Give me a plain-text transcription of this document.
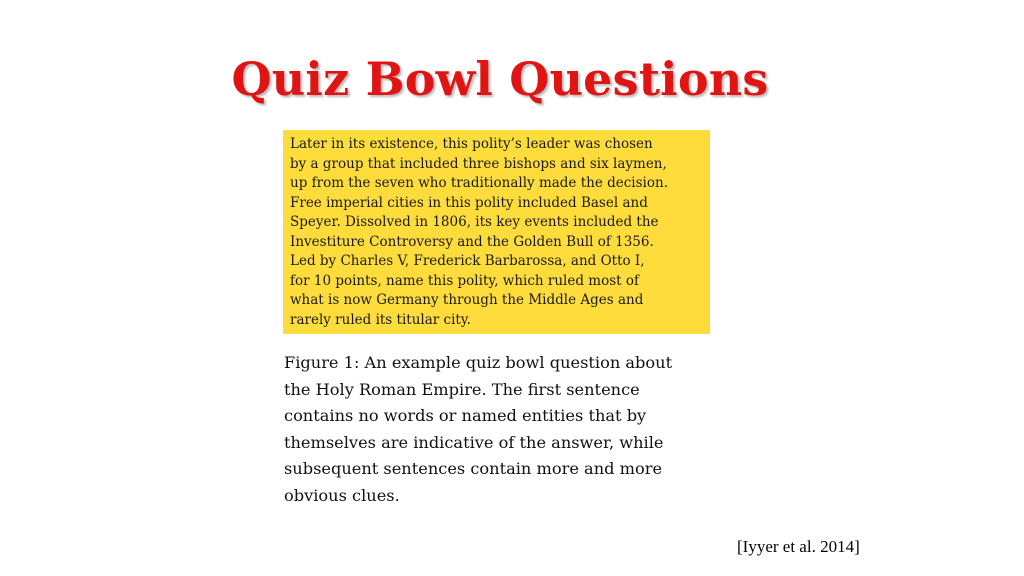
Quiz Bowl Questions
Later in its existence, this polity’s leader was chosen
by a group that included three bishops and six laymen,
up from the seven who traditionally made the decision.
Free imperial cities in this polity included Basel and
Speyer. Dissolved in 1806, its key events included the
Investiture Controversy and the Golden Bull of 1356.
Led by Charles V, Frederick Barbarossa, and Otto I,
for 10 points, name this polity, which ruled most of
what is now Germany through the Middle Ages and
rarely ruled its titular city.
Figure 1: An example quiz bowl question about
the Holy Roman Empire. The first sentence
contains no words or named entities that by
themselves are indicative of the answer, while
subsequent sentences contain more and more
obvious clues.
[Iyyer et al. 2014]
